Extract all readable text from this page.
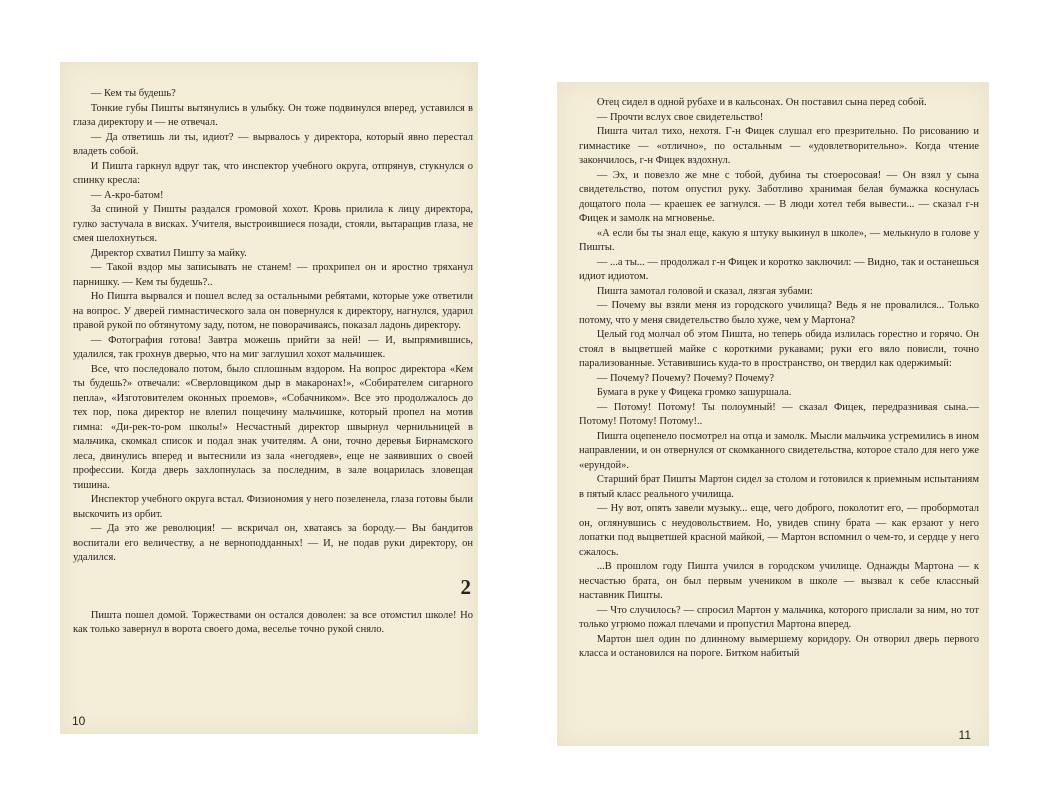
— Кем ты будешь?

Тонкие губы Пишты вытянулись в улыбку. Он тоже подвинулся вперед, уставился в глаза директору и — не отвечал.

— Да ответишь ли ты, идиот? — вырвалось у директора, который явно перестал владеть собой.

И Пишта гаркнул вдруг так, что инспектор учебного округа, отпрянув, стукнулся о спинку кресла:

— А-кро-батом!

За спиной у Пишты раздался громовой хохот. Кровь прилила к лицу директора, гулко застучала в висках. Учителя, выстроившиеся позади, стояли, вытаращив глаза, не смея шелохнуться.

Директор схватил Пишту за майку.

— Такой вздор мы записывать не станем! — прохрипел он и яростно тряханул парнишку. — Кем ты будешь?..

Но Пишта вырвался и пошел вслед за остальными ребятами, которые уже ответили на вопрос. У дверей гимнастического зала он повернулся к директору, нагнулся, ударил правой рукой по обтянутому заду, потом, не поворачиваясь, показал ладонь директору.

— Фотография готова! Завтра можешь прийти за ней! — И, выпрямившись, удалился, так грохнув дверью, что на миг заглушил хохот мальчишек.

Все, что последовало потом, было сплошным вздором. На вопрос директора «Кем ты будешь?» отвечали: «Сверловщиком дыр в макаронах!», «Собирателем сигарного пепла», «Изготовителем оконных проемов», «Собачником». Все это продолжалось до тех пор, пока директор не влепил пощечину мальчишке, который пропел на мотив гимна: «Ди-рек-то-ром школы!» Несчастный директор швырнул чернильницей в мальчика, скомкал список и подал знак учителям. А они, точно деревья Бирнамского леса, двинулись вперед и вытеснили из зала «негодяев», еще не заявивших о своей профессии. Когда дверь захлопнулась за последним, в зале воцарилась зловещая тишина.

Инспектор учебного округа встал. Физиономия у него позеленела, глаза готовы были выскочить из орбит.

— Да это же революция! — вскричал он, хватаясь за бороду.— Вы бандитов воспитали его величеству, а не верноподданных! — И, не подав руки директору, он удалился.

2

Пишта пошел домой. Торжествами он остался доволен: за все отомстил школе! Но как только завернул в ворота своего дома, веселье точно рукой сняло.

10

Отец сидел в одной рубахе и в кальсонах. Он поставил сына перед собой.

— Прочти вслух свое свидетельство!

Пишта читал тихо, нехотя. Г-н Фицек слушал его презрительно. По рисованию и гимнастике — «отлично», по остальным — «удовлетворительно». Когда чтение закончилось, г-н Фицек вздохнул.

— Эх, и повезло же мне с тобой, дубина ты стоеросовая! — Он взял у сына свидетельство, потом опустил руку. Заботливо хранимая белая бумажка коснулась дощатого пола — краешек ее загнулся. — В люди хотел тебя вывести... — сказал г-н Фицек и замолк на мгновенье.

«А если бы ты знал еще, какую я штуку выкинул в школе», — мелькнуло в голове у Пишты.

— ...а ты... — продолжал г-н Фицек и коротко заключил: — Видно, так и останешься идиот идиотом.

Пишта замотал головой и сказал, лязгая зубами:

— Почему вы взяли меня из городского училища? Ведь я не провалился... Только потому, что у меня свидетельство было хуже, чем у Мартона?

Целый год молчал об этом Пишта, но теперь обида излилась горестно и горячо. Он стоял в выцветшей майке с короткими рукавами; руки его вяло повисли, точно парализованные. Уставившись куда-то в пространство, он твердил как одержимый:

— Почему? Почему? Почему? Почему?

Бумага в руке у Фицека громко зашуршала.

— Потому! Потому! Ты полоумный! — сказал Фицек, передразнивая сына.— Потому! Потому! Потому!..

Пишта оцепенело посмотрел на отца и замолк. Мысли мальчика устремились в ином направлении, и он отвернулся от скомканного свидетельства, которое стало для него уже «ерундой».

Старший брат Пишты Мартон сидел за столом и готовился к приемным испытаниям в пятый класс реального училища.

— Ну вот, опять завели музыку... еще, чего доброго, поколотит его, — пробормотал он, оглянувшись с неудовольствием. Но, увидев спину брата — как ерзают у него лопатки под выцветшей красной майкой, — Мартон вспомнил о чем-то, и сердце у него сжалось.

...В прошлом году Пишта учился в городском училище. Однажды Мартона — к несчастью брата, он был первым учеником в школе — вызвал к себе классный наставник Пишты.

— Что случилось? — спросил Мартон у мальчика, которого прислали за ним, но тот только угрюмо пожал плечами и пропустил Мартона вперед.

Мартон шел один по длинному вымершему коридору. Он отворил дверь первого класса и остановился на пороге. Битком набитый

11
